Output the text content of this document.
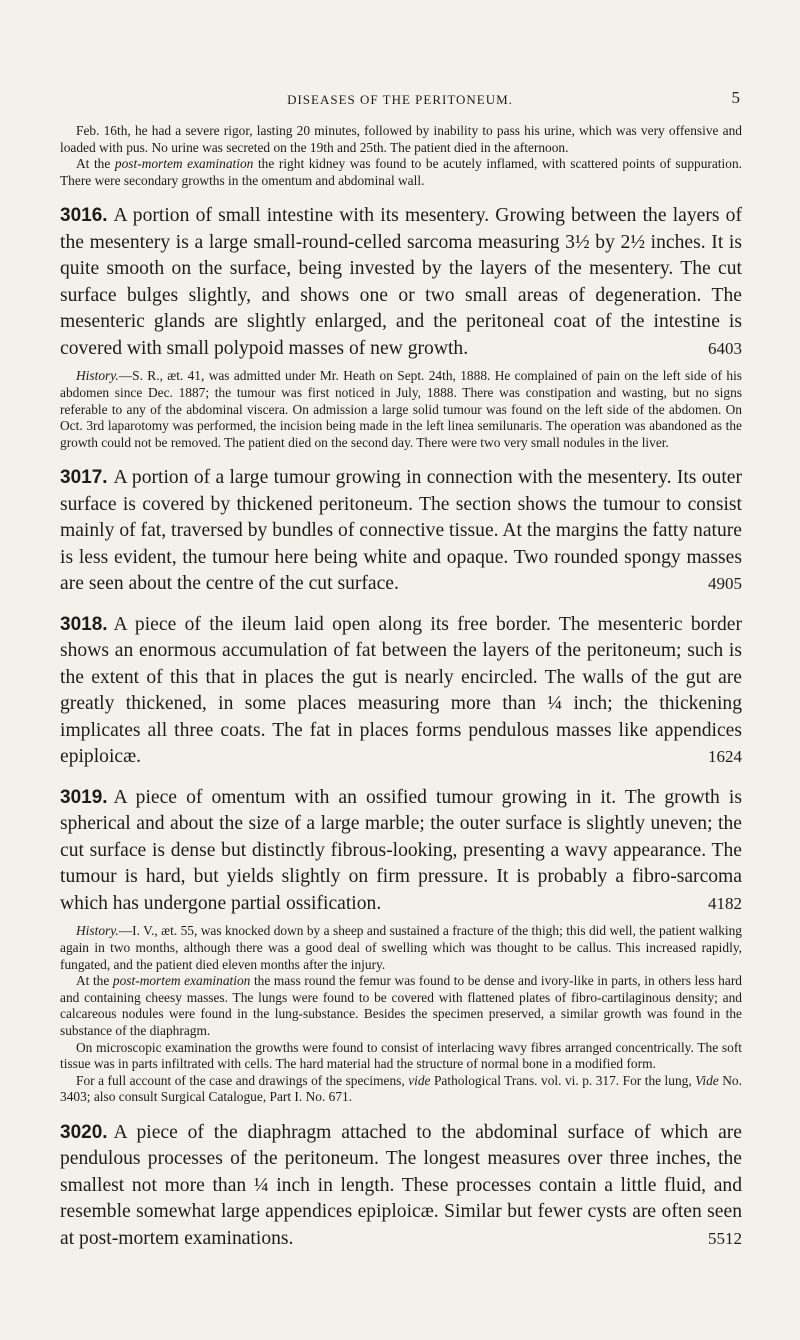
DISEASES OF THE PERITONEUM.	5

Feb. 16th, he had a severe rigor, lasting 20 minutes, followed by inability to pass his urine, which was very offensive and loaded with pus. No urine was secreted on the 19th and 25th. The patient died in the afternoon.

At the post-mortem examination the right kidney was found to be acutely inflamed, with scattered points of suppuration. There were secondary growths in the omentum and abdominal wall.

3016. A portion of small intestine with its mesentery. Growing between the layers of the mesentery is a large small-round-celled sarcoma measuring 3½ by 2½ inches. It is quite smooth on the surface, being invested by the layers of the mesentery. The cut surface bulges slightly, and shows one or two small areas of degeneration. The mesenteric glands are slightly enlarged, and the peritoneal coat of the intestine is covered with small polypoid masses of new growth.	6403

History.—S. R., æt. 41, was admitted under Mr. Heath on Sept. 24th, 1888. He complained of pain on the left side of his abdomen since Dec. 1887; the tumour was first noticed in July, 1888. There was constipation and wasting, but no signs referable to any of the abdominal viscera. On admission a large solid tumour was found on the left side of the abdomen. On Oct. 3rd laparotomy was performed, the incision being made in the left linea semilunaris. The operation was abandoned as the growth could not be removed. The patient died on the second day. There were two very small nodules in the liver.

3017. A portion of a large tumour growing in connection with the mesentery. Its outer surface is covered by thickened peritoneum. The section shows the tumour to consist mainly of fat, traversed by bundles of connective tissue. At the margins the fatty nature is less evident, the tumour here being white and opaque. Two rounded spongy masses are seen about the centre of the cut surface.	4905

3018. A piece of the ileum laid open along its free border. The mesenteric border shows an enormous accumulation of fat between the layers of the peritoneum; such is the extent of this that in places the gut is nearly encircled. The walls of the gut are greatly thickened, in some places measuring more than ¼ inch; the thickening implicates all three coats. The fat in places forms pendulous masses like appendices epiploicæ.	1624

3019. A piece of omentum with an ossified tumour growing in it. The growth is spherical and about the size of a large marble; the outer surface is slightly uneven; the cut surface is dense but distinctly fibrous-looking, presenting a wavy appearance. The tumour is hard, but yields slightly on firm pressure. It is probably a fibro-sarcoma which has undergone partial ossification.	4182

History.—I. V., æt. 55, was knocked down by a sheep and sustained a fracture of the thigh; this did well, the patient walking again in two months, although there was a good deal of swelling which was thought to be callus. This increased rapidly, fungated, and the patient died eleven months after the injury.

At the post-mortem examination the mass round the femur was found to be dense and ivory-like in parts, in others less hard and containing cheesy masses. The lungs were found to be covered with flattened plates of fibro-cartilaginous density; and calcareous nodules were found in the lung-substance. Besides the specimen preserved, a similar growth was found in the substance of the diaphragm.

On microscopic examination the growths were found to consist of interlacing wavy fibres arranged concentrically. The soft tissue was in parts infiltrated with cells. The hard material had the structure of normal bone in a modified form.

For a full account of the case and drawings of the specimens, vide Pathological Trans. vol. vi. p. 317. For the lung, Vide No. 3403; also consult Surgical Catalogue, Part I. No. 671.

3020. A piece of the diaphragm attached to the abdominal surface of which are pendulous processes of the peritoneum. The longest measures over three inches, the smallest not more than ¼ inch in length. These processes contain a little fluid, and resemble somewhat large appendices epiploicæ. Similar but fewer cysts are often seen at post-mortem examinations.	5512
